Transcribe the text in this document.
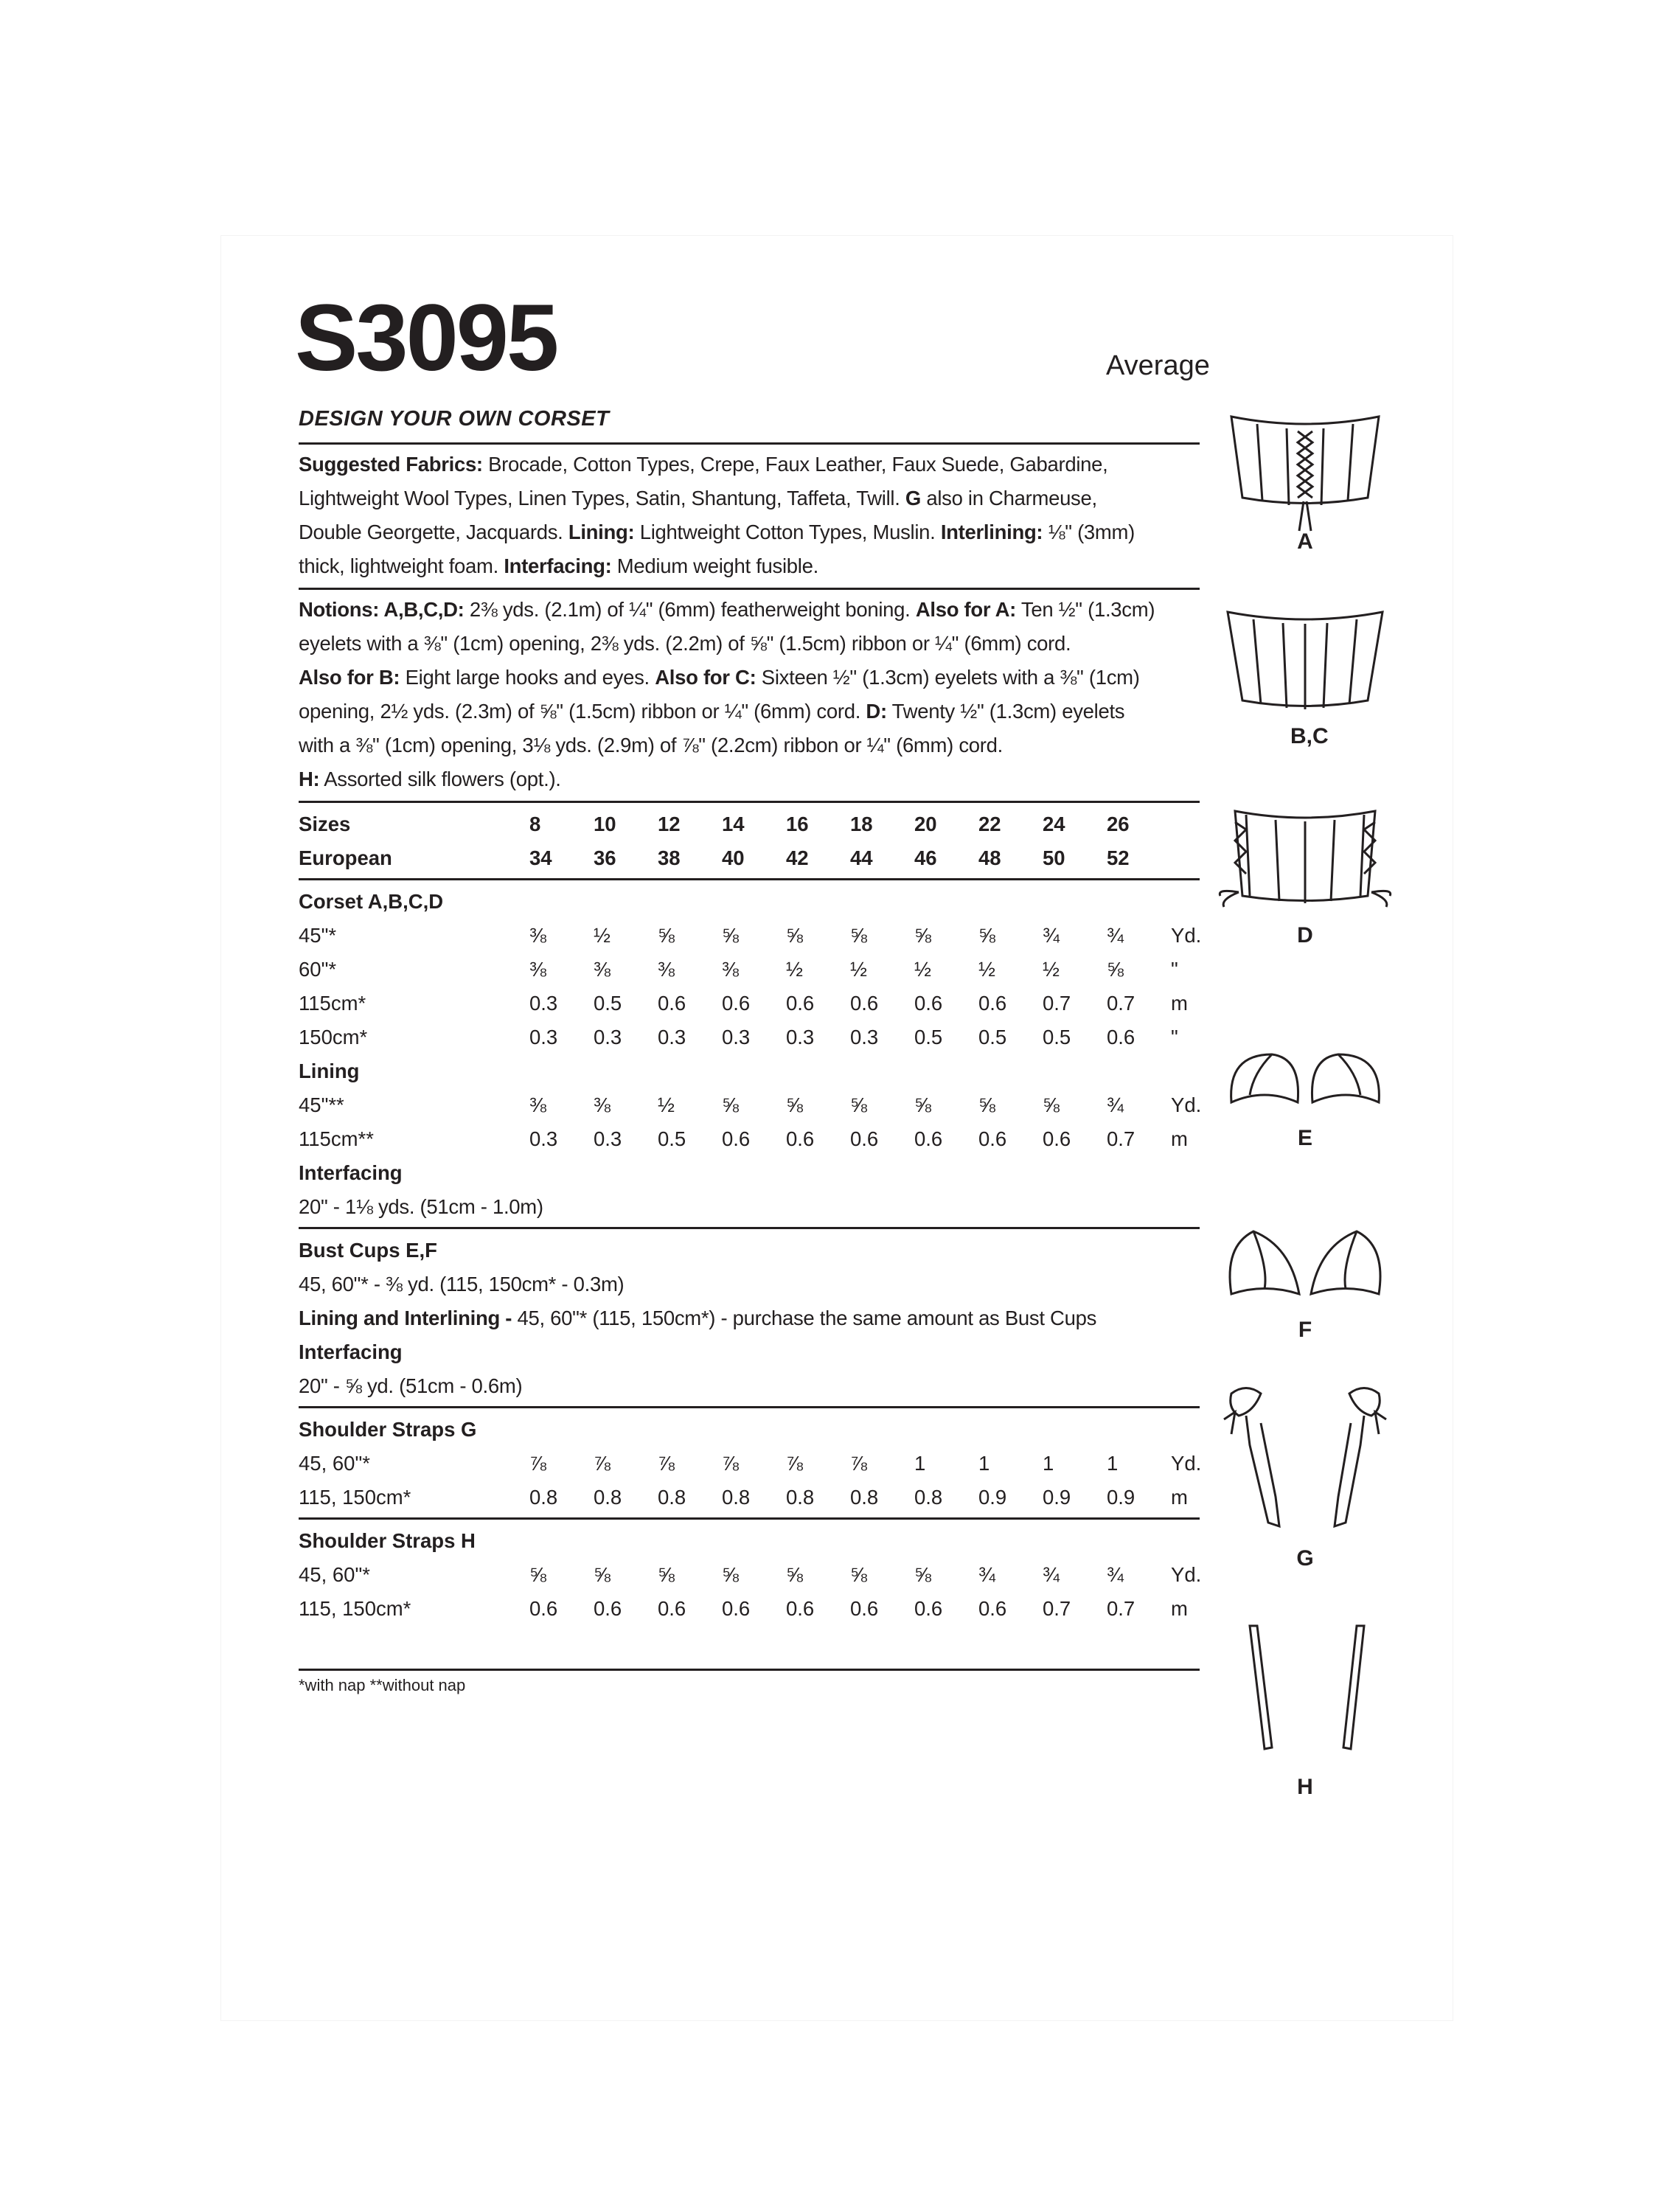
S3095	Average
DESIGN YOUR OWN CORSET
Suggested Fabrics: Brocade, Cotton Types, Crepe, Faux Leather, Faux Suede, Gabardine,
Lightweight Wool Types, Linen Types, Satin, Shantung, Taffeta, Twill. G also in Charmeuse,
Double Georgette, Jacquards. Lining: Lightweight Cotton Types, Muslin. Interlining: ⅛" (3mm)
thick, lightweight foam. Interfacing: Medium weight fusible.
Notions: A,B,C,D: 2⅜ yds. (2.1m) of ¼" (6mm) featherweight boning. Also for A: Ten ½" (1.3cm)
eyelets with a ⅜" (1cm) opening, 2⅜ yds. (2.2m) of ⅝" (1.5cm) ribbon or ¼" (6mm) cord.
Also for B: Eight large hooks and eyes. Also for C: Sixteen ½" (1.3cm) eyelets with a ⅜" (1cm)
opening, 2½ yds. (2.3m) of ⅝" (1.5cm) ribbon or ¼" (6mm) cord. D: Twenty ½" (1.3cm) eyelets
with a ⅜" (1cm) opening, 3⅛ yds. (2.9m) of ⅞" (2.2cm) ribbon or ¼" (6mm) cord.
H: Assorted silk flowers (opt.).
Sizes	8	10	12	14	16	18	20	22	24	26
European	34	36	38	40	42	44	46	48	50	52
Corset A,B,C,D
45"*	⅜	½	⅝	⅝	⅝	⅝	⅝	⅝	¾	¾	Yd.
60"*	⅜	⅜	⅜	⅜	½	½	½	½	½	⅝	"
115cm*	0.3	0.5	0.6	0.6	0.6	0.6	0.6	0.6	0.7	0.7	m
150cm*	0.3	0.3	0.3	0.3	0.3	0.3	0.5	0.5	0.5	0.6	"
Lining
45"**	⅜	⅜	½	⅝	⅝	⅝	⅝	⅝	⅝	¾	Yd.
115cm**	0.3	0.3	0.5	0.6	0.6	0.6	0.6	0.6	0.6	0.7	m
Interfacing
20" - 1⅛ yds. (51cm - 1.0m)
Bust Cups E,F
45, 60"* - ⅜ yd. (115, 150cm* - 0.3m)
Lining and Interlining - 45, 60"* (115, 150cm*) - purchase the same amount as Bust Cups
Interfacing
20" - ⅝ yd. (51cm - 0.6m)
Shoulder Straps G
45, 60"*	⅞	⅞	⅞	⅞	⅞	⅞	1	1	1	1	Yd.
115, 150cm*	0.8	0.8	0.8	0.8	0.8	0.8	0.8	0.9	0.9	0.9	m
Shoulder Straps H
45, 60"*	⅝	⅝	⅝	⅝	⅝	⅝	⅝	¾	¾	¾	Yd.
115, 150cm*	0.6	0.6	0.6	0.6	0.6	0.6	0.6	0.6	0.7	0.7	m
*with nap **without nap
A
B,C
D
E
F
G
H
